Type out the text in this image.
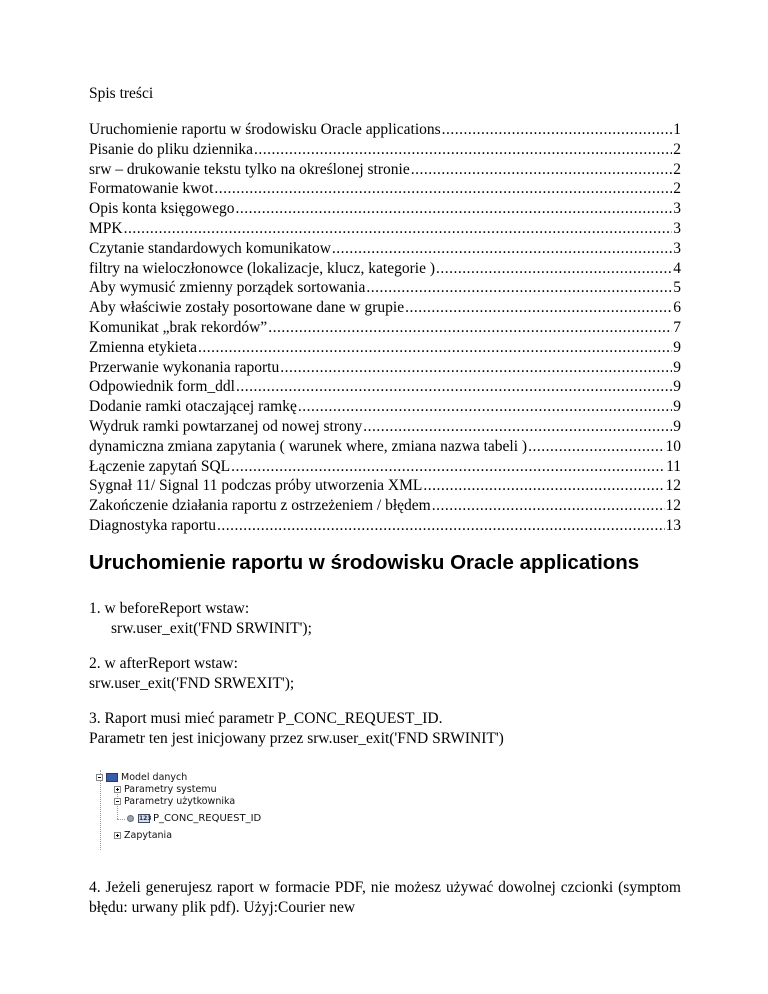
Spis treści
Uruchomienie raportu w środowisku Oracle applications .....	1
Pisanie do pliku dziennika .....	2
srw – drukowanie tekstu tylko na określonej stronie .....	2
Formatowanie kwot .....	2
Opis konta księgowego .....	3
MPK .....	3
Czytanie standardowych komunikatow .....	3
filtry na wieloczłonowce (lokalizacje, klucz, kategorie ) .....	4
Aby wymusić zmienny porządek sortowania .....	5
Aby właściwie zostały posortowane dane w grupie .....	6
Komunikat „brak rekordów” .....	7
Zmienna etykieta .....	9
Przerwanie wykonania raportu .....	9
Odpowiednik form_ddl .....	9
Dodanie ramki otaczającej ramkę .....	9
Wydruk ramki powtarzanej od nowej strony .....	9
dynamiczna zmiana zapytania ( warunek where, zmiana nazwa tabeli ) .....	10
Łączenie zapytań SQL .....	11
Sygnał 11/ Signal 11 podczas próby utworzenia XML .....	12
Zakończenie działania raportu z ostrzeżeniem / błędem .....	12
Diagnostyka raportu .....	13
Uruchomienie raportu w środowisku Oracle applications
1. w beforeReport wstaw:
srw.user_exit('FND SRWINIT');
2. w afterReport wstaw:
srw.user_exit('FND SRWEXIT');
3. Raport musi mieć parametr P_CONC_REQUEST_ID.
Parametr ten jest inicjowany przez srw.user_exit('FND SRWINIT')
Model danych
Parametry systemu
Parametry użytkownika
123P_CONC_REQUEST_ID
Zapytania
4. Jeżeli generujesz raport w formacie PDF, nie możesz używać dowolnej czcionki (symptom błędu: urwany plik pdf). Użyj:Courier new
